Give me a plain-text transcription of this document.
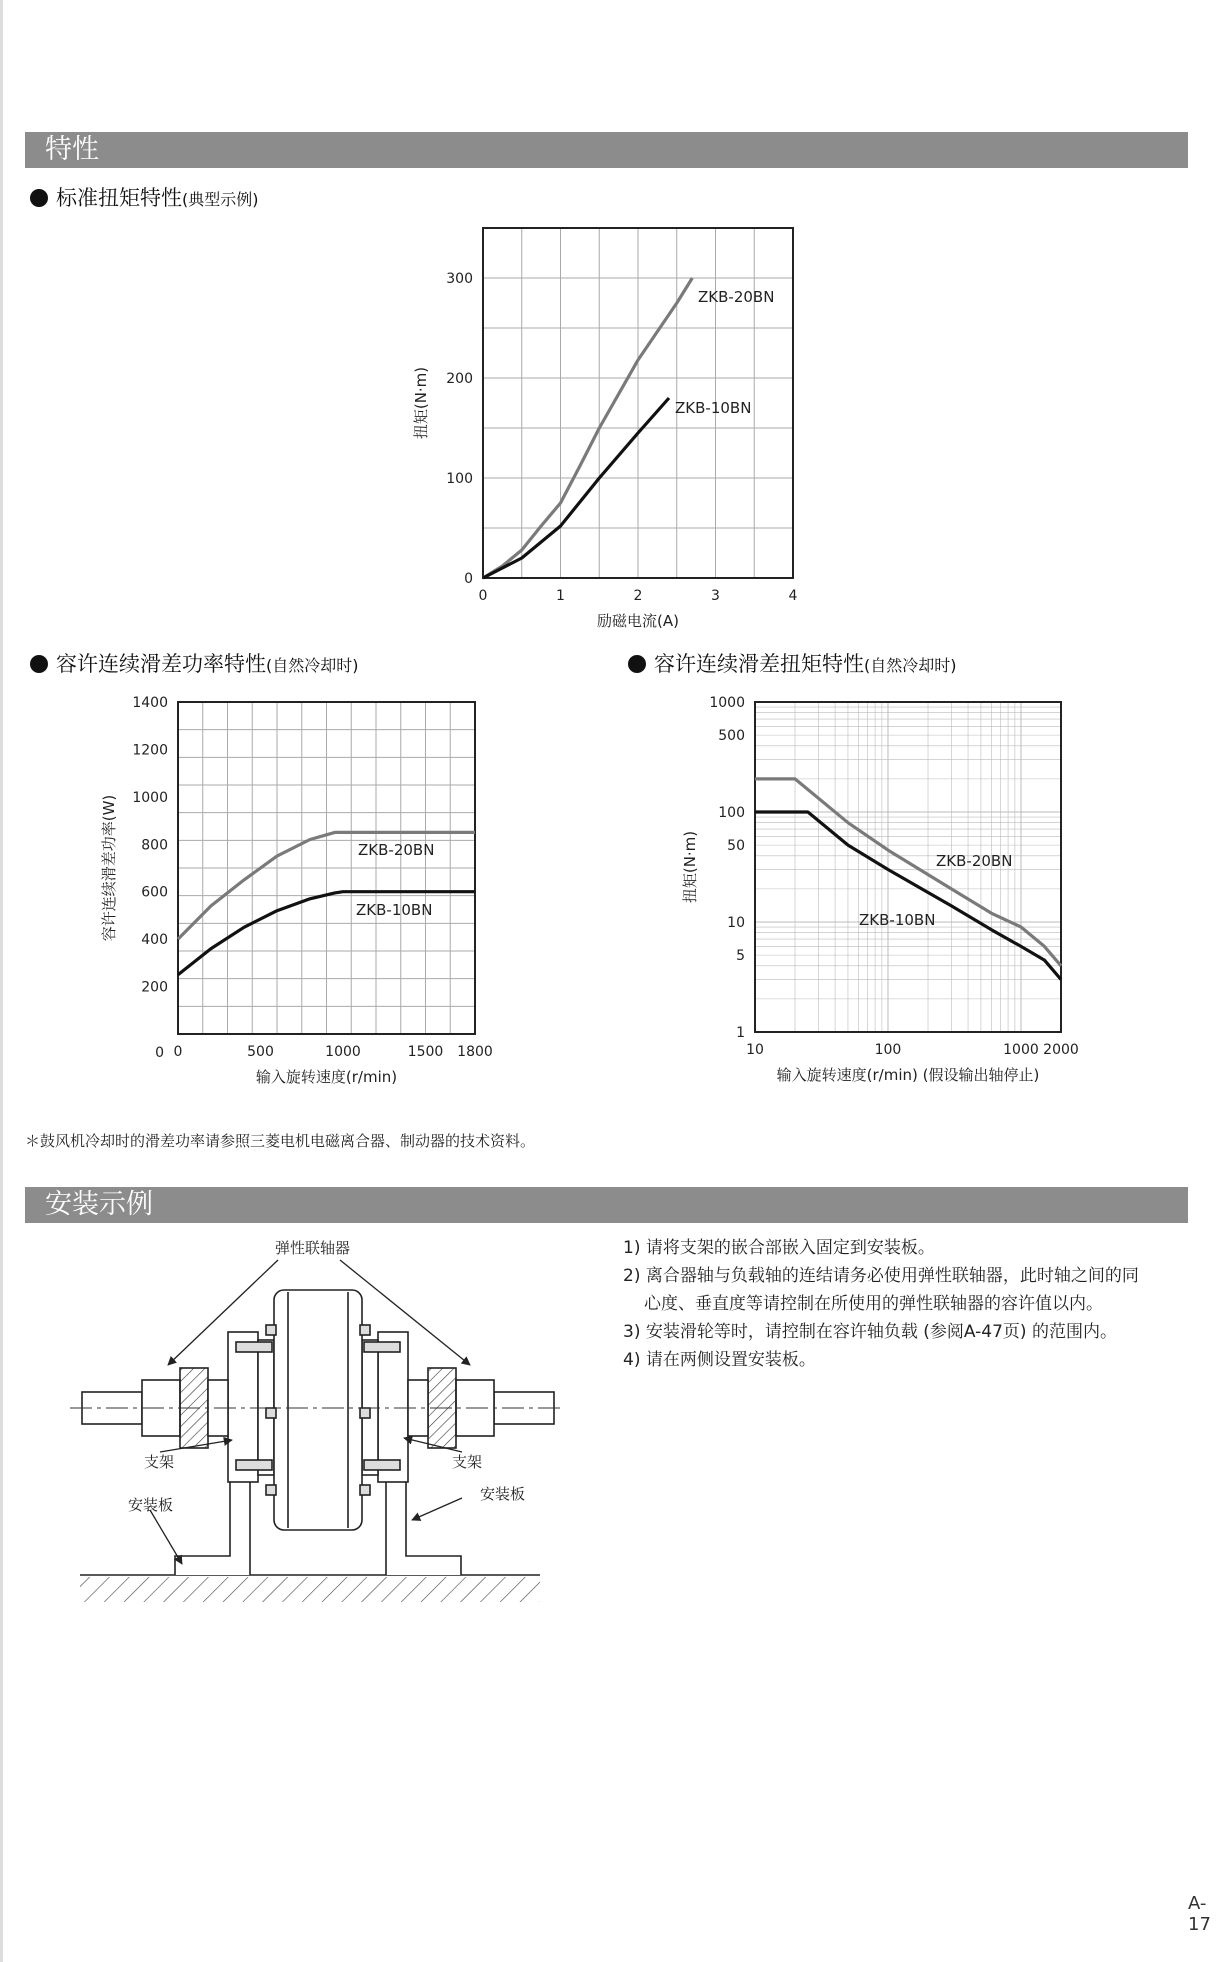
特性
标准扭矩特性(典型示例)
0	1	2	3	4
0
100
200
300
励磁电流(A)
扭矩(N·m)
ZKB-20BN
ZKB-10BN
容许连续滑差功率特性(自然冷却时)
0	500	1000	1500 1800
200
400
600
800
1000
1200
1400
0
输入旋转速度(r/min)
容许连续滑差功率(W)	ZKB-20BN
ZKB-10BN
容许连续滑差扭矩特性(自然冷却时)
10	100	1000 2000
1
5
10
50
100
500
1000
输入旋转速度(r/min) (假设输出轴停止)
扭矩(N·m)	ZKB-20BN
ZKB-10BN
＊鼓风机冷却时的滑差功率请参照三菱电机电磁离合器、制动器的技术资料。
安装示例
弹性联轴器
支架	支架
安装板
安装板
1) 请将支架的嵌合部嵌入固定到安装板。
2) 离合器轴与负载轴的连结请务必使用弹性联轴器，此时轴之间的同
心度、垂直度等请控制在所使用的弹性联轴器的容许值以内。
3) 安装滑轮等时，请控制在容许轴负载 (参阅A-47页) 的范围内。
4) 请在两侧设置安装板。
A-17
